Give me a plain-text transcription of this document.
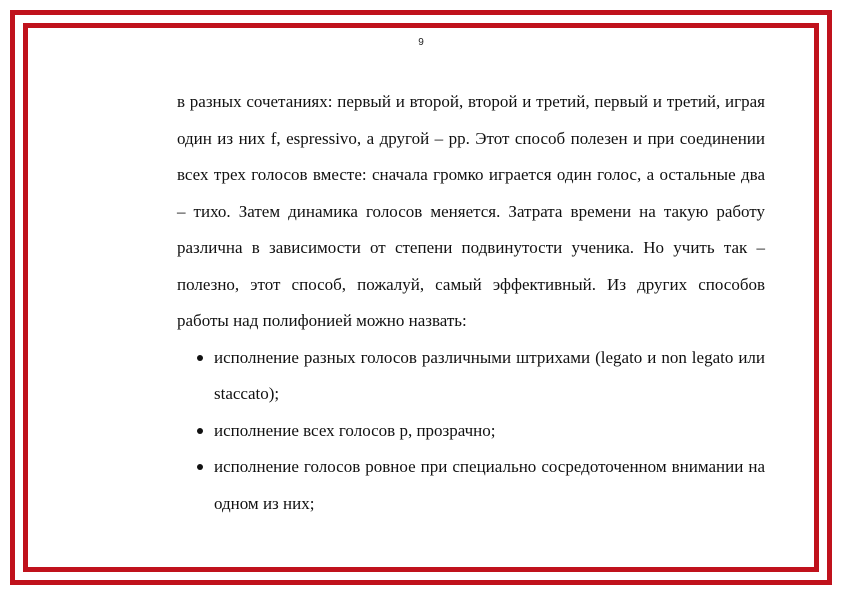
9

в разных сочетаниях: первый и второй, второй и третий, первый и третий, играя один из них f, espressivo, а другой – pp. Этот способ полезен и при соединении всех трех голосов вместе: сначала громко играется один голос, а остальные два – тихо. Затем динамика голосов меняется. Затрата времени на такую работу различна в зависимости от степени подвинутости ученика. Но учить так – полезно, этот способ, пожалуй, самый эффективный. Из других способов работы над полифонией можно назвать:

исполнение разных голосов различными штрихами (legato и non legato или staccato);
исполнение всех голосов p, прозрачно;
исполнение голосов ровное при специально сосредоточенном внимании на одном из них;
